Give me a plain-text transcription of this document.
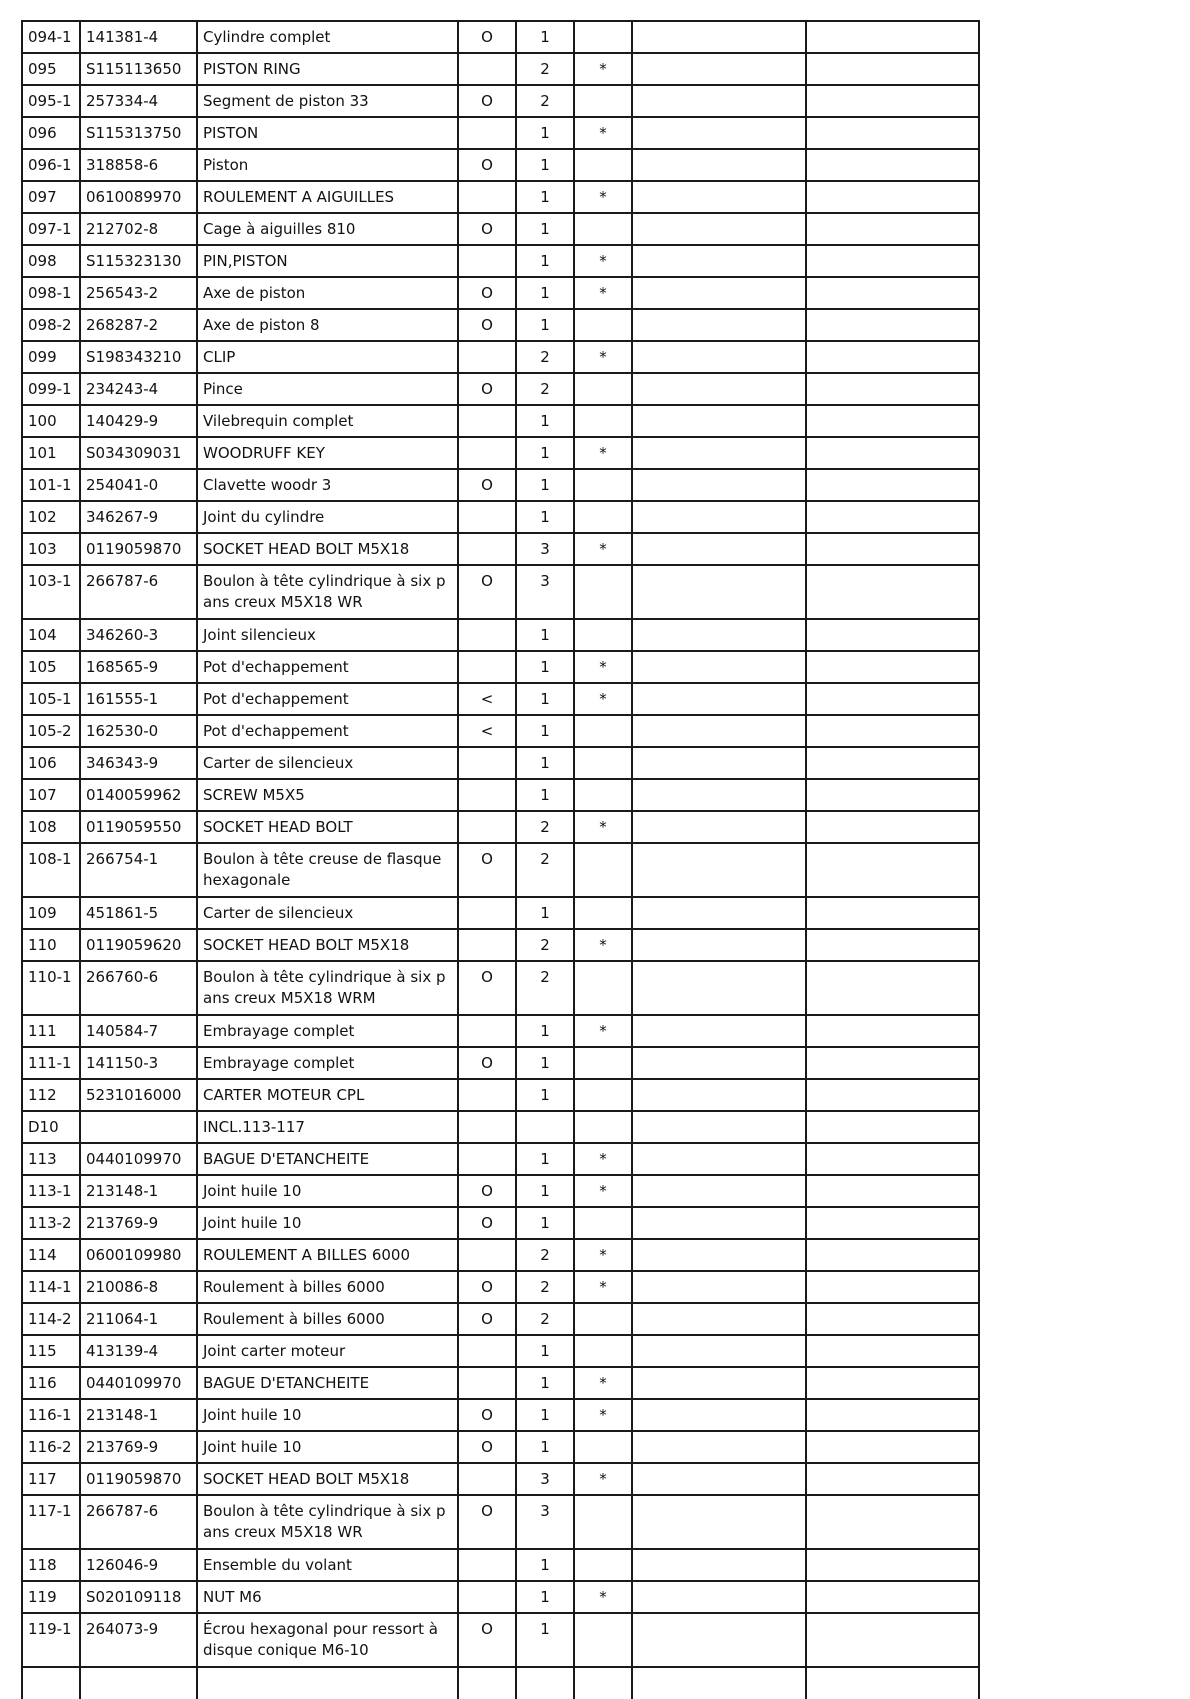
094-1	141381-4	Cylindre complet	O	1			
095	S115113650	PISTON RING		2	*		
095-1	257334-4	Segment de piston 33	O	2			
096	S115313750	PISTON		1	*		
096-1	318858-6	Piston	O	1			
097	0610089970	ROULEMENT A AIGUILLES		1	*		
097-1	212702-8	Cage à aiguilles 810	O	1			
098	S115323130	PIN,PISTON		1	*		
098-1	256543-2	Axe de piston	O	1	*		
098-2	268287-2	Axe de piston 8	O	1			
099	S198343210	CLIP		2	*		
099-1	234243-4	Pince	O	2			
100	140429-9	Vilebrequin complet		1			
101	S034309031	WOODRUFF KEY		1	*		
101-1	254041-0	Clavette woodr 3	O	1			
102	346267-9	Joint du cylindre		1			
103	0119059870	SOCKET HEAD BOLT M5X18		3	*		
103-1	266787-6	Boulon à tête cylindrique à six pans creux M5X18 WR	O	3			
104	346260-3	Joint silencieux		1			
105	168565-9	Pot d'echappement		1	*		
105-1	161555-1	Pot d'echappement	<	1	*		
105-2	162530-0	Pot d'echappement	<	1			
106	346343-9	Carter de silencieux		1			
107	0140059962	SCREW M5X5		1			
108	0119059550	SOCKET HEAD BOLT		2	*		
108-1	266754-1	Boulon à tête creuse de flasque hexagonale	O	2			
109	451861-5	Carter de silencieux		1			
110	0119059620	SOCKET HEAD BOLT M5X18		2	*		
110-1	266760-6	Boulon à tête cylindrique à six pans creux M5X18 WRM	O	2			
111	140584-7	Embrayage complet		1	*		
111-1	141150-3	Embrayage complet	O	1			
112	5231016000	CARTER MOTEUR CPL		1			
D10		INCL.113-117					
113	0440109970	BAGUE D'ETANCHEITE		1	*		
113-1	213148-1	Joint huile 10	O	1	*		
113-2	213769-9	Joint huile 10	O	1			
114	0600109980	ROULEMENT A BILLES 6000		2	*		
114-1	210086-8	Roulement à billes 6000	O	2	*		
114-2	211064-1	Roulement à billes 6000	O	2			
115	413139-4	Joint carter moteur		1			
116	0440109970	BAGUE D'ETANCHEITE		1	*		
116-1	213148-1	Joint huile 10	O	1	*		
116-2	213769-9	Joint huile 10	O	1			
117	0119059870	SOCKET HEAD BOLT M5X18		3	*		
117-1	266787-6	Boulon à tête cylindrique à six pans creux M5X18 WR	O	3			
118	126046-9	Ensemble du volant		1			
119	S020109118	NUT M6		1	*		
119-1	264073-9	Écrou hexagonal pour ressort à disque conique M6-10	O	1			
